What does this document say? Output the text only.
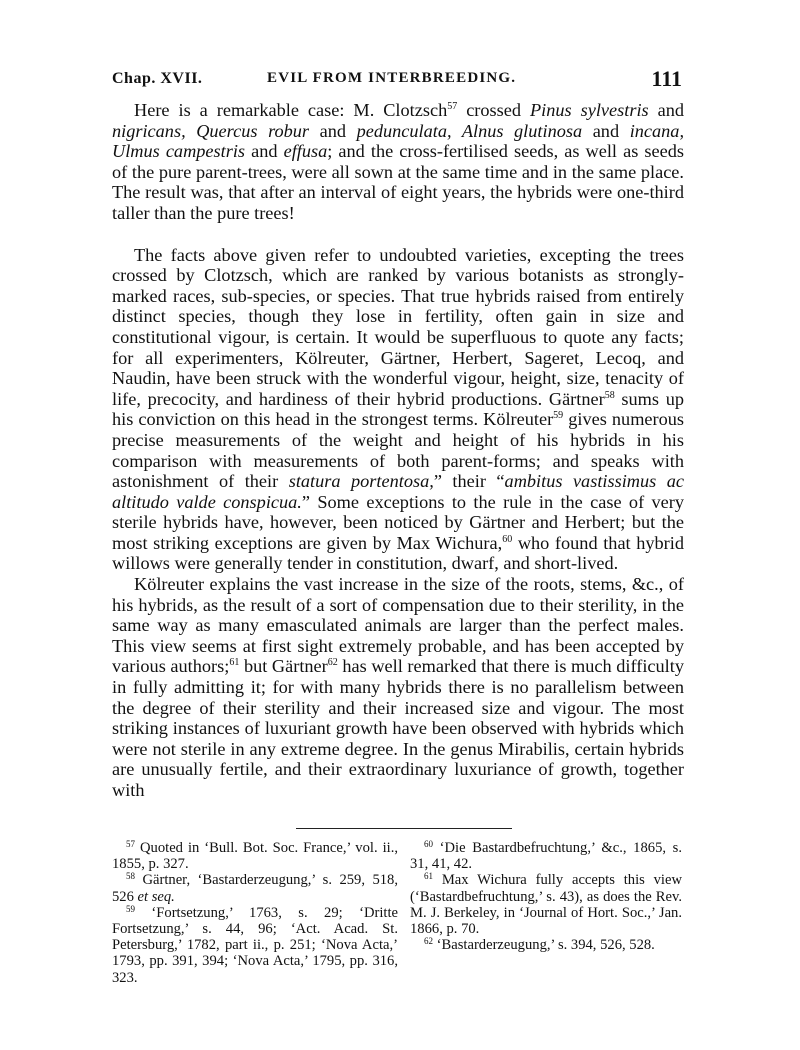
Chap. XVII.	EVIL FROM INTERBREEDING.	111

Here is a remarkable case: M. Clotzsch$^{57}$ crossed Pinus sylvestris and nigricans, Quercus robur and pedunculata, Alnus glutinosa and incana, Ulmus campestris and effusa; and the cross-fertilised seeds, as well as seeds of the pure parent-trees, were all sown at the same time and in the same place. The result was, that after an interval of eight years, the hybrids were one-third taller than the pure trees!

The facts above given refer to undoubted varieties, excepting the trees crossed by Clotzsch, which are ranked by various botanists as strongly-marked races, sub-species, or species. That true hybrids raised from entirely distinct species, though they lose in fertility, often gain in size and constitutional vigour, is certain. It would be superfluous to quote any facts; for all experimenters, Kölreuter, Gärtner, Herbert, Sageret, Lecoq, and Naudin, have been struck with the wonderful vigour, height, size, tenacity of life, precocity, and hardiness of their hybrid productions. Gärtner$^{58}$ sums up his conviction on this head in the strongest terms. Kölreuter$^{59}$ gives numerous precise measurements of the weight and height of his hybrids in his comparison with measurements of both parent-forms; and speaks with astonishment of their statura portentosa,” their “ambitus vastissimus ac altitudo valde conspicua.” Some exceptions to the rule in the case of very sterile hybrids have, however, been noticed by Gärtner and Herbert; but the most striking exceptions are given by Max Wichura,$^{60}$ who found that hybrid willows were generally tender in constitution, dwarf, and short-lived.

Kölreuter explains the vast increase in the size of the roots, stems, &c., of his hybrids, as the result of a sort of compensation due to their sterility, in the same way as many emasculated animals are larger than the perfect males. This view seems at first sight extremely probable, and has been accepted by various authors;$^{61}$ but Gärtner$^{62}$ has well remarked that there is much difficulty in fully admitting it; for with many hybrids there is no parallelism between the degree of their sterility and their increased size and vigour. The most striking instances of luxuriant growth have been observed with hybrids which were not sterile in any extreme degree. In the genus Mirabilis, certain hybrids are unusually fertile, and their extraordinary luxuriance of growth, together with

$^{57}$ Quoted in ‘Bull. Bot. Soc. France,’ vol. ii., 1855, p. 327.

$^{58}$ Gärtner, ‘Bastarderzeugung,’ s. 259, 518, 526 et seq.

$^{59}$ ‘Fortsetzung,’ 1763, s. 29; ‘Dritte Fortsetzung,’ s. 44, 96; ‘Act. Acad. St. Petersburg,’ 1782, part ii., p. 251; ‘Nova Acta,’ 1793, pp. 391, 394; ‘Nova Acta,’ 1795, pp. 316, 323.

$^{60}$ ‘Die Bastardbefruchtung,’ &c., 1865, s. 31, 41, 42.

$^{61}$ Max Wichura fully accepts this view (‘Bastardbefruchtung,’ s. 43), as does the Rev. M. J. Berkeley, in ‘Journal of Hort. Soc.,’ Jan. 1866, p. 70.

$^{62}$ ‘Bastarderzeugung,’ s. 394, 526, 528.
